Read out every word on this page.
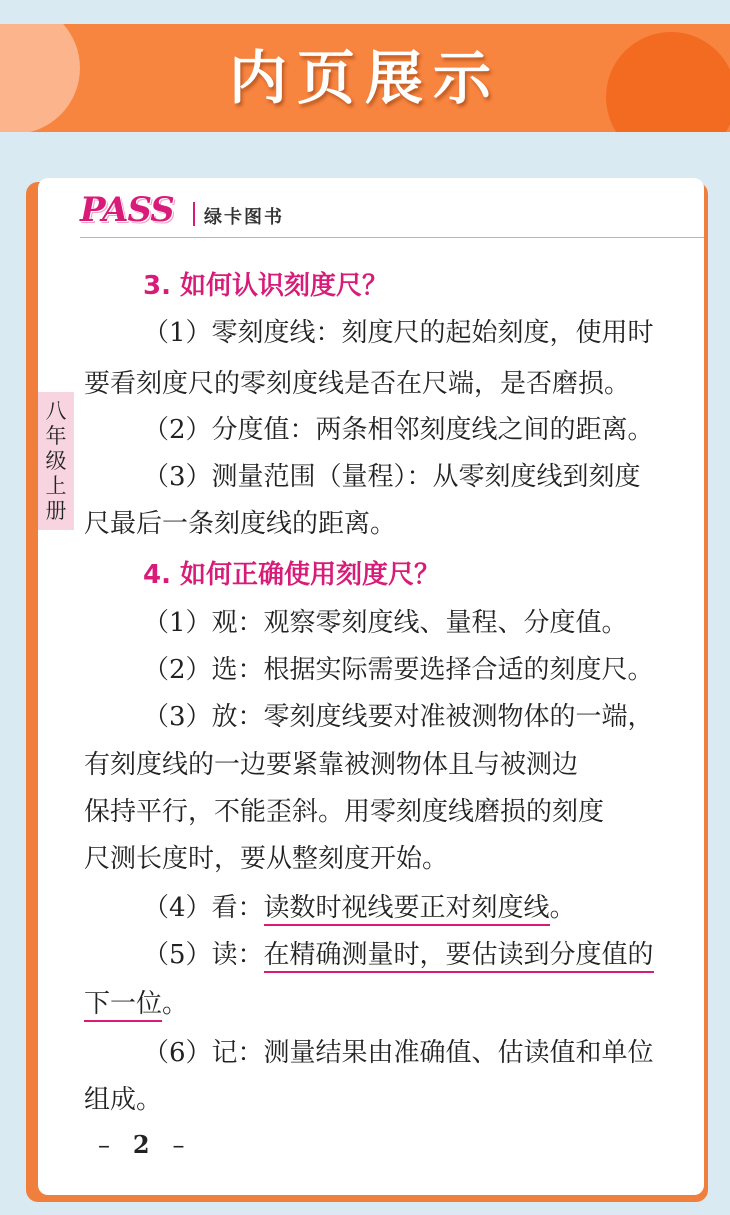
内页展示
PASS 绿卡图书
八
年
级
上
册
3. 如何认识刻度尺？
（1）零刻度线：刻度尺的起始刻度，使用时
要看刻度尺的零刻度线是否在尺端，是否磨损。
（2）分度值：两条相邻刻度线之间的距离。
（3）测量范围（量程）：从零刻度线到刻度
尺最后一条刻度线的距离。
4. 如何正确使用刻度尺？
（1）观：观察零刻度线、量程、分度值。
（2）选：根据实际需要选择合适的刻度尺。
（3）放：零刻度线要对准被测物体的一端，
有刻度线的一边要紧靠被测物体且与被测边
保持平行，不能歪斜。用零刻度线磨损的刻度
尺测长度时，要从整刻度开始。
（4）看：读数时视线要正对刻度线。
（5）读：在精确测量时，要估读到分度值的
下一位。
（6）记：测量结果由准确值、估读值和单位
组成。
– 2 –
